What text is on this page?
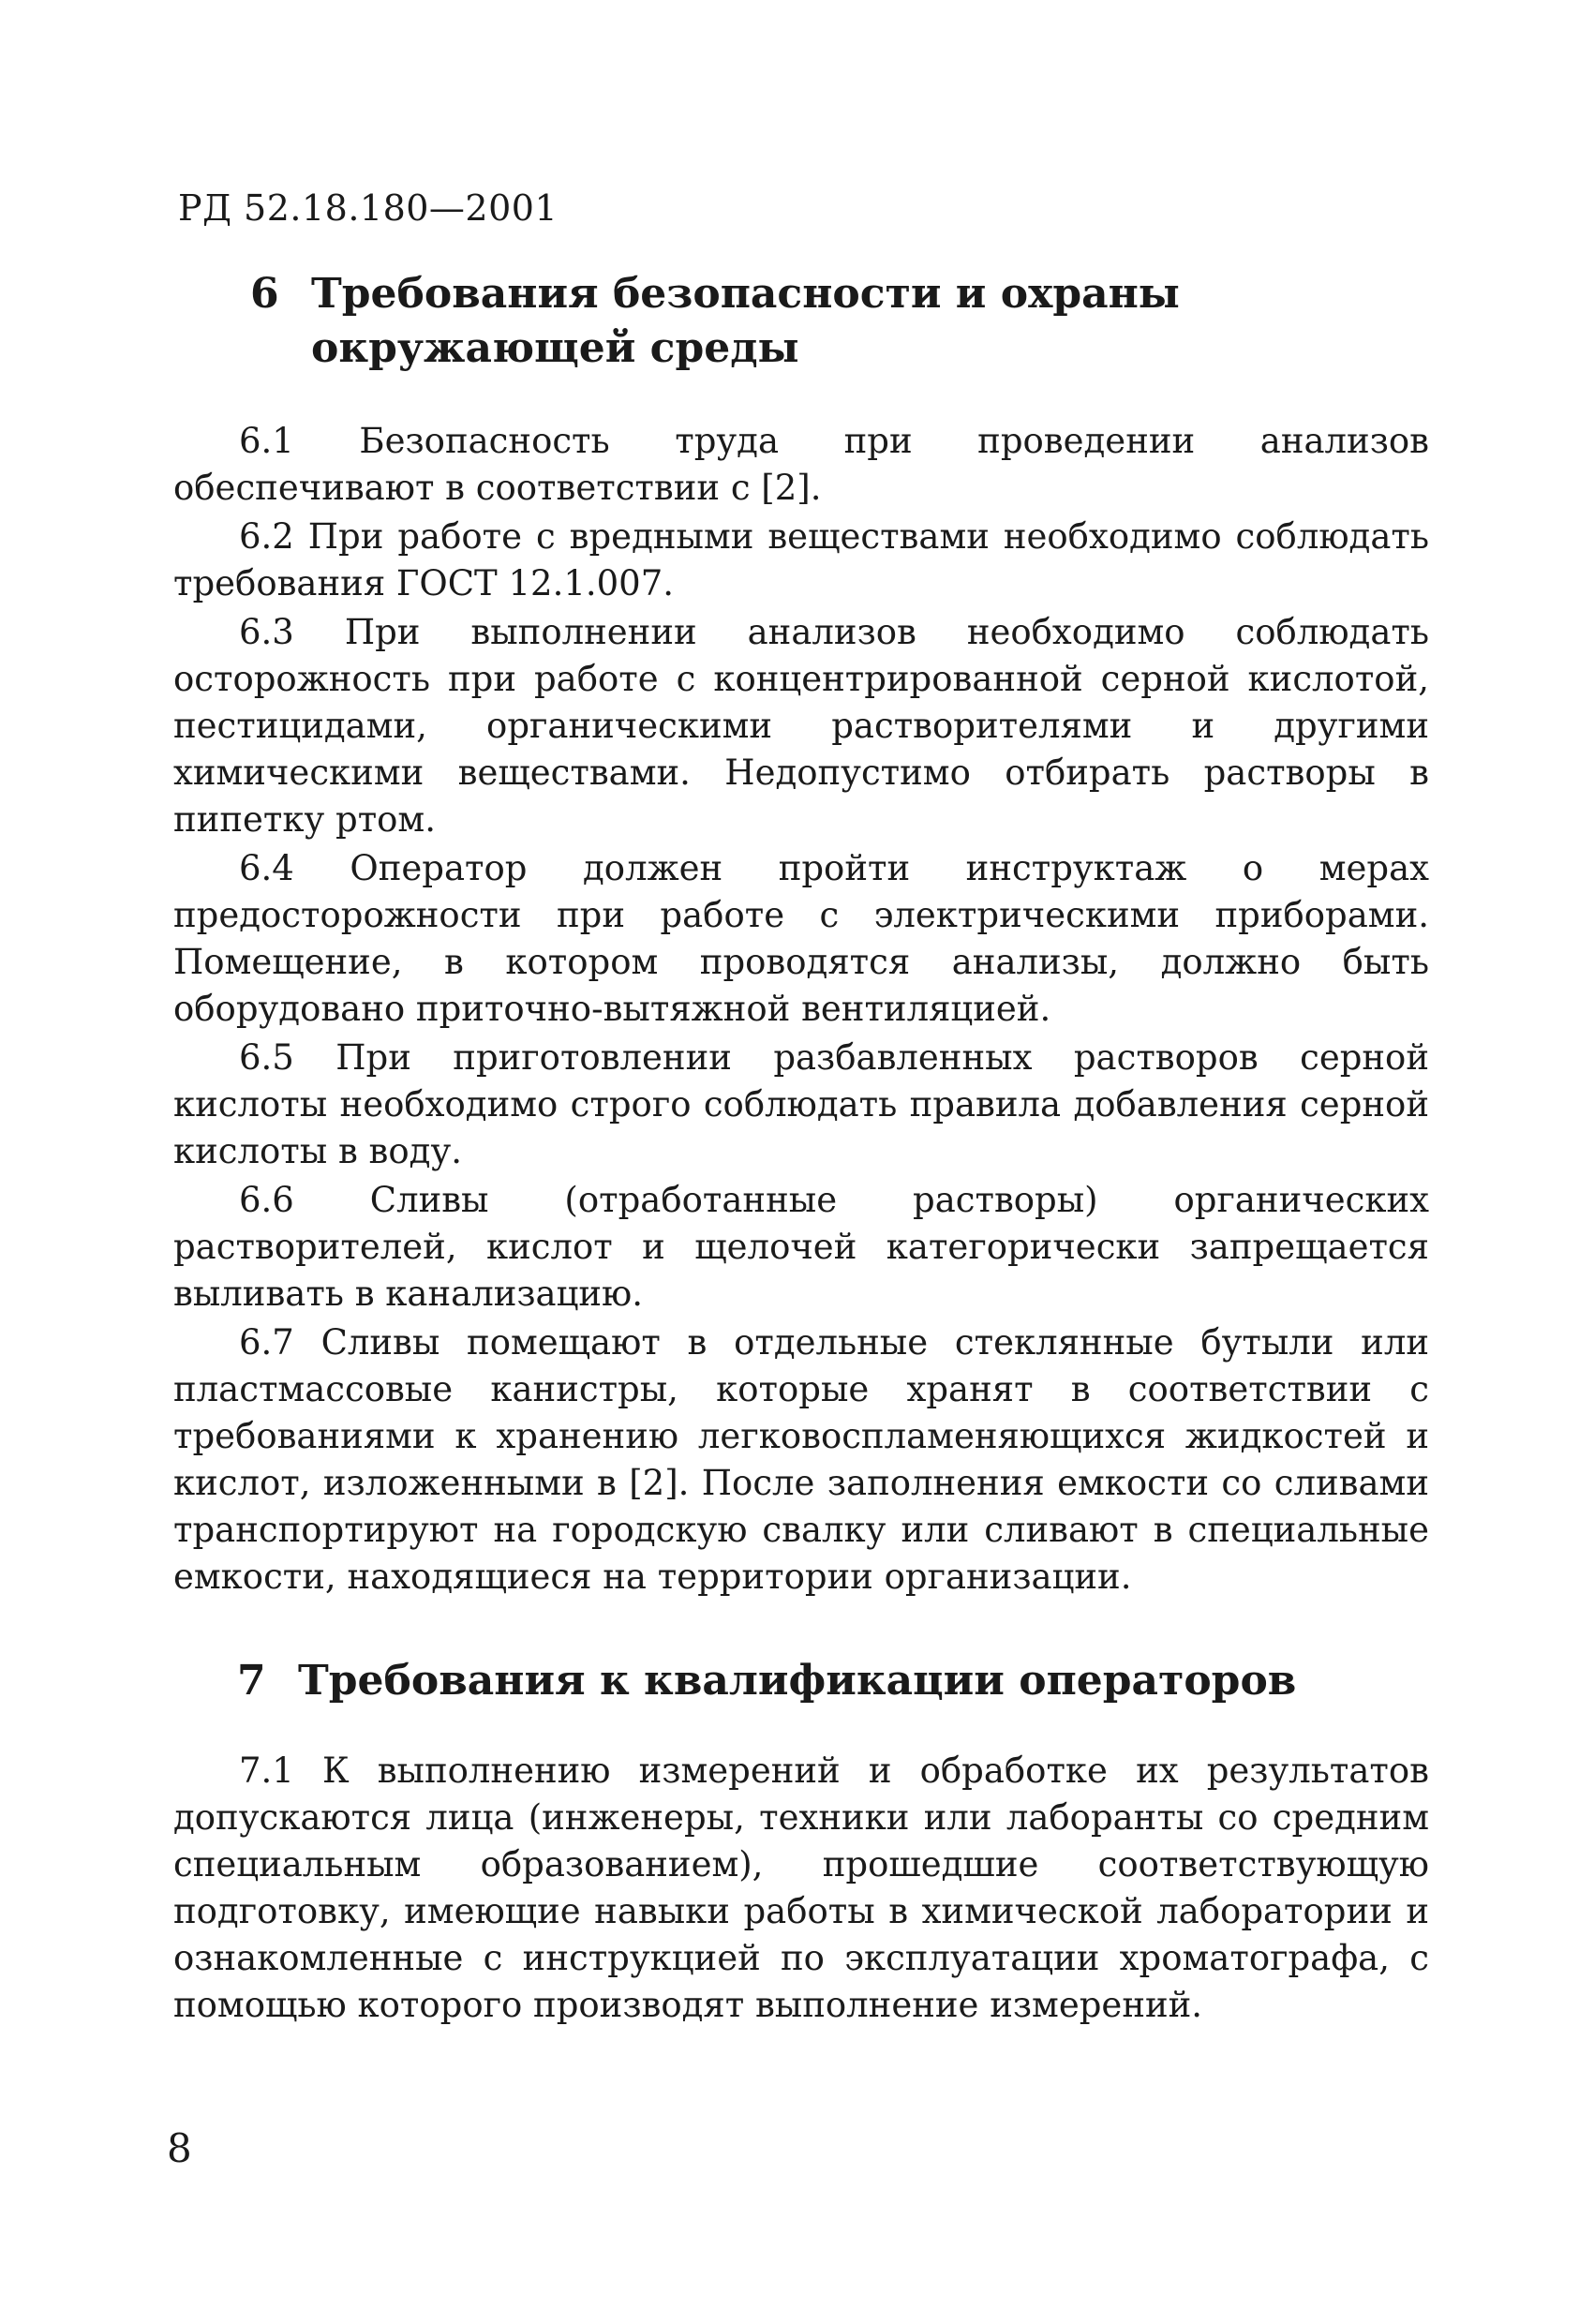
РД 52.18.180—2001
6 Требования безопасности и охраны окружающей среды

6.1 Безопасность труда при проведении анализов обеспечивают в соответствии с [2].

6.2 При работе с вредными веществами необходимо соблюдать требования ГОСТ 12.1.007.

6.3 При выполнении анализов необходимо соблюдать осторожность при работе с концентрированной серной кислотой, пестицидами, органическими растворителями и другими химическими веществами. Недопустимо отбирать растворы в пипетку ртом.

6.4 Оператор должен пройти инструктаж о мерах предосторожности при работе с электрическими приборами. Помещение, в котором проводятся анализы, должно быть оборудовано приточно-вытяжной вентиляцией.

6.5 При приготовлении разбавленных растворов серной кислоты необходимо строго соблюдать правила добавления серной кислоты в воду.

6.6 Сливы (отработанные растворы) органических растворителей, кислот и щелочей категорически запрещается выливать в канализацию.

6.7 Сливы помещают в отдельные стеклянные бутыли или пластмассовые канистры, которые хранят в соответствии с требованиями к хранению легковоспламеняющихся жидкостей и кислот, изложенными в [2]. После заполнения емкости со сливами транспортируют на городскую свалку или сливают в специальные емкости, находящиеся на территории организации.

7 Требования к квалификации операторов

7.1 К выполнению измерений и обработке их результатов допускаются лица (инженеры, техники или лаборанты со средним специальным образованием), прошедшие соответствующую подготовку, имеющие навыки работы в химической лаборатории и ознакомленные с инструкцией по эксплуатации хроматографа, с помощью которого производят выполнение измерений.

8
